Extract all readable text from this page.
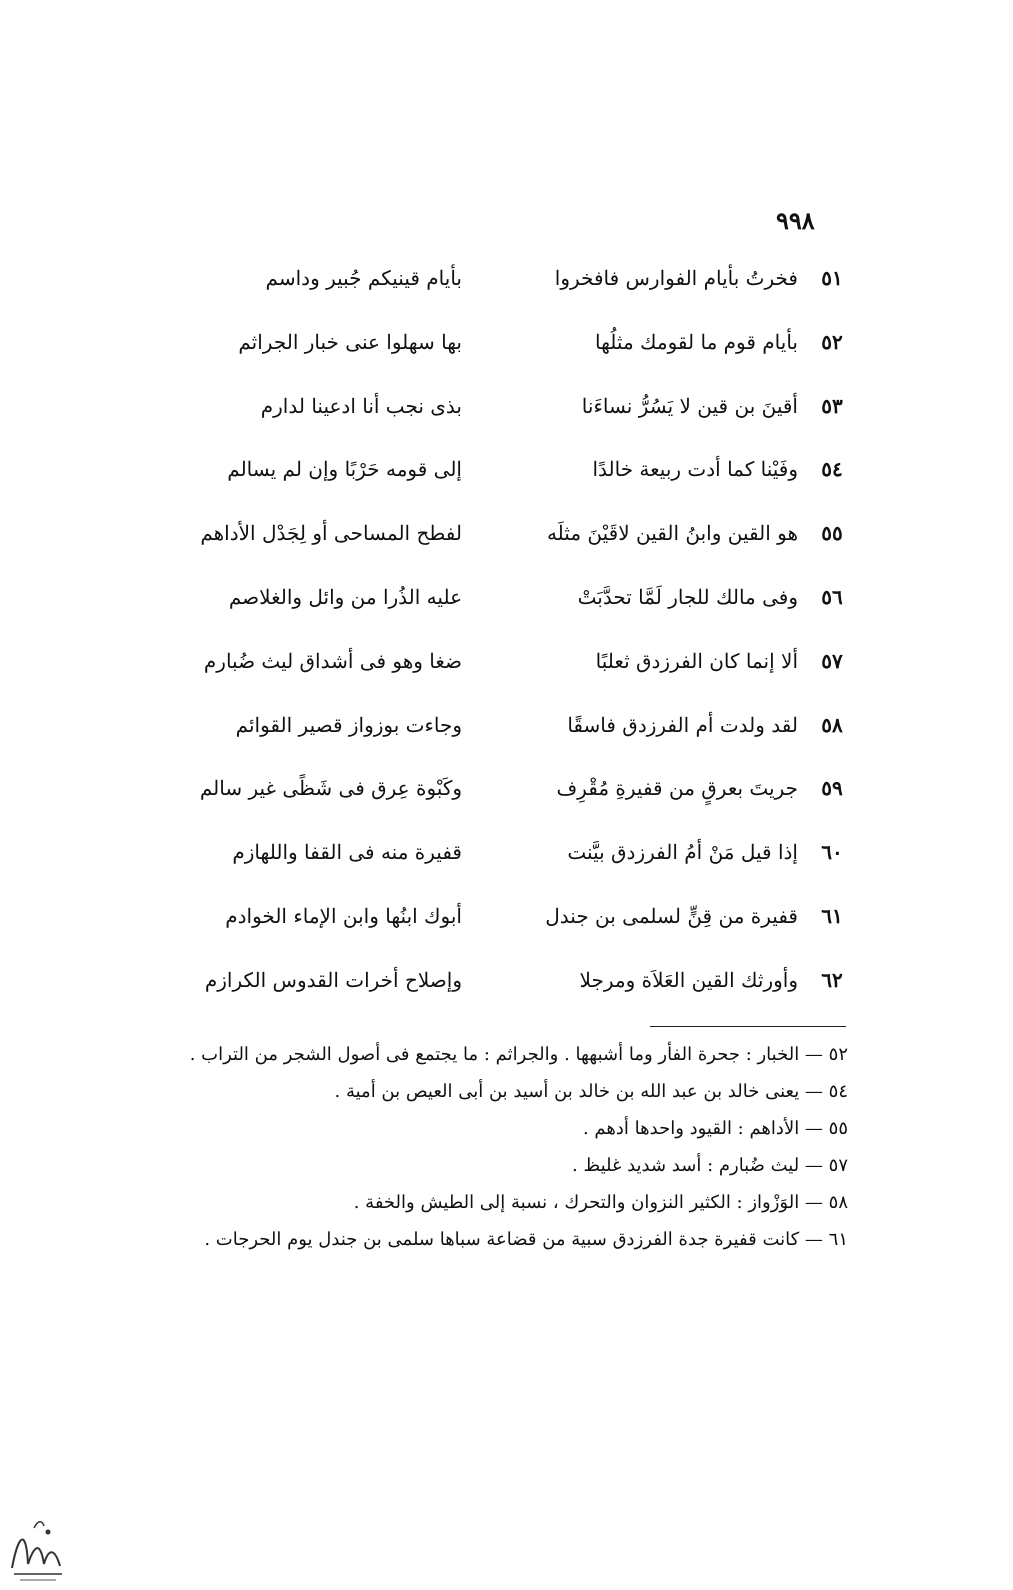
٩٩٨
٥١
فخرتُ بأيام الفوارس فافخروا
بأيام قينيكم جُبير وداسم
٥٢
بأيام قوم ما لقومك مثلُها
بها سهلوا عنى خبار الجراثم
٥٣
أقينَ بن قين لا يَسُرُّ نساءَنا
بذى نجب أنا ادعينا لدارم
٥٤
وفَيْنا كما أدت ربيعة خالدًا
إلى قومه حَرْبًا وإن لم يسالم
٥٥
هو القين وابنُ القين لاقَيْنَ مثلَه
لفطح المساحى أو لِجَدْل الأداهم
٥٦
وفى مالك للجار لَمَّا تحدَّبَتْ
عليه الذُرا من وائل والغلاصم
٥٧
ألا إنما كان الفرزدق ثعلبًا
ضغا وهو فى أشداق ليث ضُبارم
٥٨
لقد ولدت أم الفرزدق فاسقًا
وجاءت بوزواز قصير القوائم
٥٩
جريتَ بعرقٍ من قفيرةِ مُقْرِف
وكَبْوة عِرق فى شَظًى غير سالم
٦٠
إذا قيل مَنْ أمُ الفرزدق بيَّنت
قفيرة منه فى القفا واللهازم
٦١
قفيرة من قِنٍّ لسلمى بن جندل
أبوك ابنُها وابن الإماء الخوادم
٦٢
وأورثك القين العَلاَة ومرجلا
وإصلاح أخرات القدوس الكرازم
٥٢ — الخبار : جحرة الفأر وما أشبهها . والجراثم : ما يجتمع فى أصول الشجر من التراب .
٥٤ — يعنى خالد بن عبد الله بن خالد بن أسيد بن أبى العيص بن أمية .
٥٥ — الأداهم : القيود واحدها أدهم .
٥٧ — ليث ضُبارم : أسد شديد غليظ .
٥٨ — الوَزْواز : الكثير النزوان والتحرك ، نسبة إلى الطيش والخفة .
٦١ — كانت قفيرة جدة الفرزدق سبية من قضاعة سباها سلمى بن جندل يوم الحرجات .
